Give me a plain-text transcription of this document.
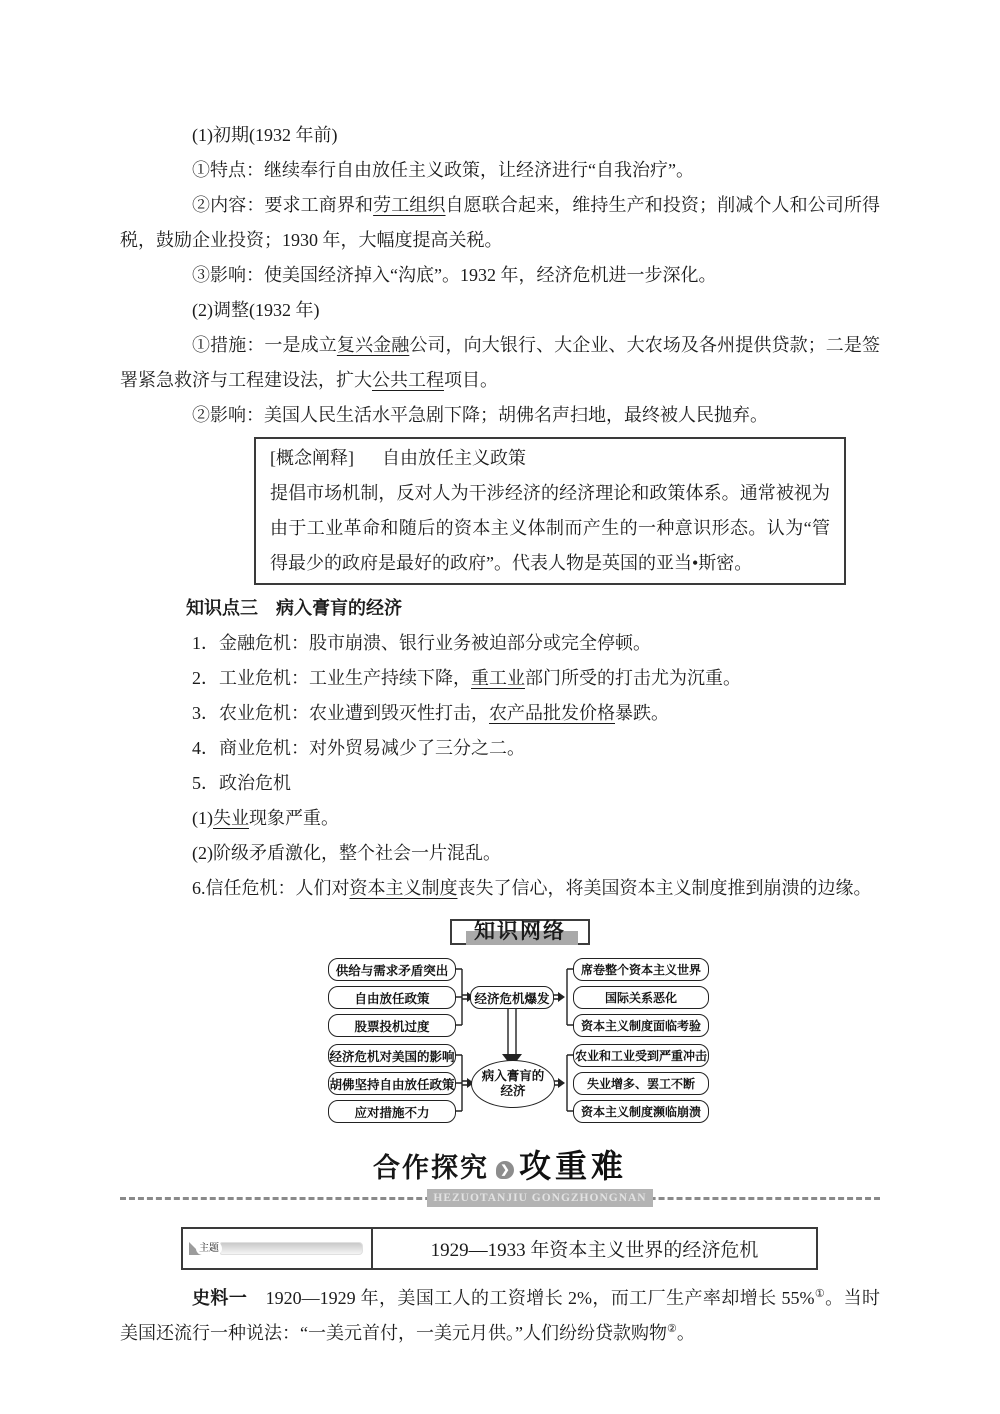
(1)初期(1932 年前)

①特点：继续奉行自由放任主义政策，让经济进行“自我治疗”。

②内容：要求工商界和劳工组织自愿联合起来，维持生产和投资；削减个人和公司所得税，鼓励企业投资；1930 年，大幅度提高关税。

③影响：使美国经济掉入“沟底”。1932 年，经济危机进一步深化。

(2)调整(1932 年)

①措施：一是成立复兴金融公司，向大银行、大企业、大农场及各州提供贷款；二是签署紧急救济与工程建设法，扩大公共工程项目。

②影响：美国人民生活水平急剧下降；胡佛名声扫地，最终被人民抛弃。

[概念阐释] 自由放任主义政策

提倡市场机制，反对人为干涉经济的经济理论和政策体系。通常被视为由于工业革命和随后的资本主义体制而产生的一种意识形态。认为“管得最少的政府是最好的政府”。代表人物是英国的亚当•斯密。

知识点三　病入膏肓的经济

1．金融危机：股市崩溃、银行业务被迫部分或完全停顿。

2．工业危机：工业生产持续下降，重工业部门所受的打击尤为沉重。

3．农业危机：农业遭到毁灭性打击，农产品批发价格暴跌。

4．商业危机：对外贸易减少了三分之二。

5．政治危机

(1)失业现象严重。

(2)阶级矛盾激化，整个社会一片混乱。

6.信任危机：人们对资本主义制度丧失了信心，将美国资本主义制度推到崩溃的边缘。

知识网络
供给与需求矛盾突出
自由放任政策
股票投机过度
经济危机爆发
席卷整个资本主义世界
国际关系恶化
资本主义制度面临考验
经济危机对美国的影响
胡佛坚持自由放任政策
应对措施不力
病入膏肓的
经济
农业和工业受到严重冲击
失业增多、罢工不断
资本主义制度濒临崩溃
合作探究 ❯ 攻重难
HEZUOTANJIU GONGZHONGNAN
主题	1929—1933 年资本主义世界的经济危机

史料一　1920—1929 年，美国工人的工资增长 2%，而工厂生产率却增长 55%①。当时美国还流行一种说法：“一美元首付，一美元月供。”人们纷纷贷款购物②。
